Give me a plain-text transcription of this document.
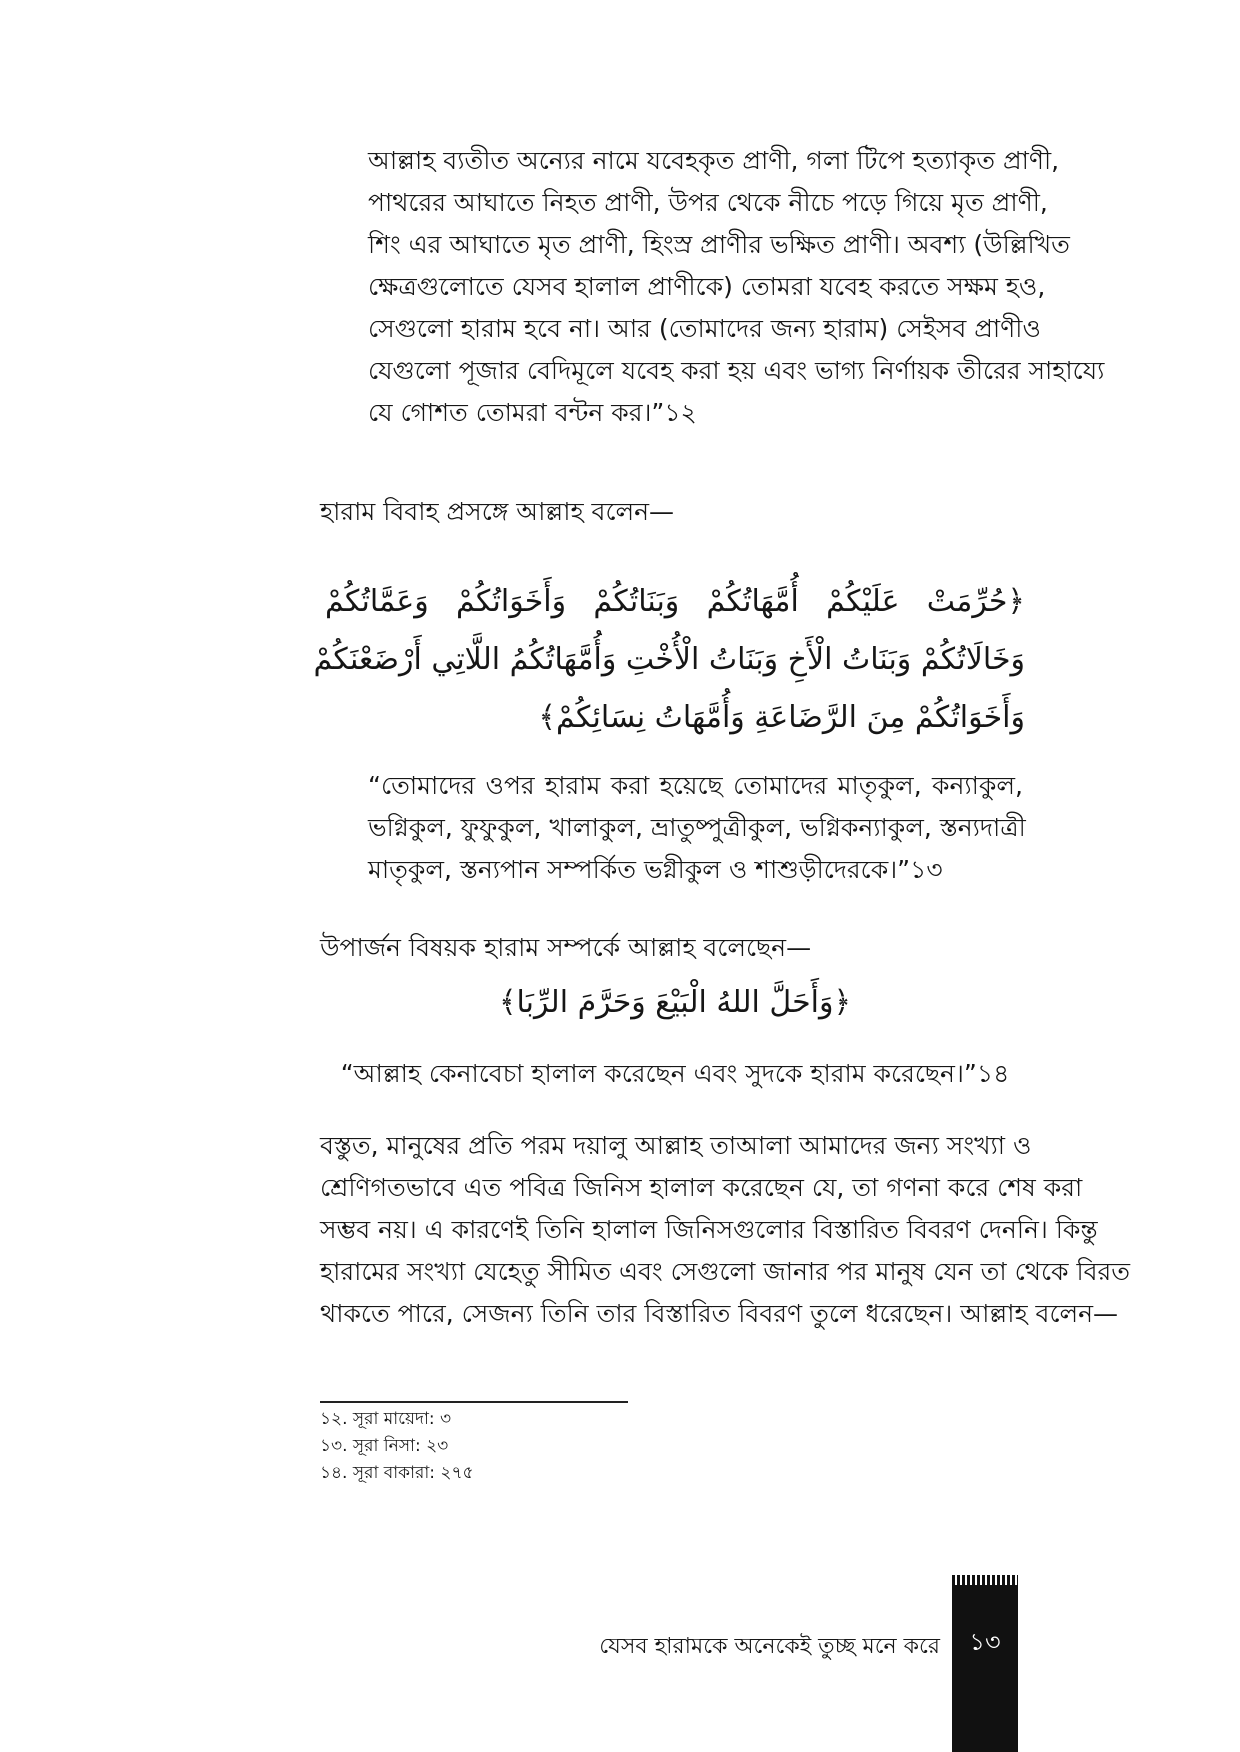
আল্লাহ ব্যতীত অন্যের নামে যবেহকৃত প্রাণী, গলা টিপে হত্যাকৃত প্রাণী,
পাথরের আঘাতে নিহত প্রাণী, উপর থেকে নীচে পড়ে গিয়ে মৃত প্রাণী,
শিং এর আঘাতে মৃত প্রাণী, হিংস্র প্রাণীর ভক্ষিত প্রাণী। অবশ্য (উল্লিখিত
ক্ষেত্রগুলোতে যেসব হালাল প্রাণীকে) তোমরা যবেহ করতে সক্ষম হও,
সেগুলো হারাম হবে না। আর (তোমাদের জন্য হারাম) সেইসব প্রাণীও
যেগুলো পূজার বেদিমূলে যবেহ করা হয় এবং ভাগ্য নির্ণায়ক তীরের সাহায্যে
যে গোশত তোমরা বন্টন কর।”১২

হারাম বিবাহ প্রসঙ্গে আল্লাহ বলেন—

﴿حُرِّمَتْ عَلَيْكُمْ أُمَّهَاتُكُمْ وَبَنَاتُكُمْ وَأَخَوَاتُكُمْ وَعَمَّاتُكُمْ
وَخَالَاتُكُمْ وَبَنَاتُ الْأَخِ وَبَنَاتُ الْأُخْتِ وَأُمَّهَاتُكُمُ اللَّاتِي أَرْضَعْنَكُمْ
وَأَخَوَاتُكُمْ مِنَ الرَّضَاعَةِ وَأُمَّهَاتُ نِسَائِكُمْ﴾
“তোমাদের ওপর হারাম করা হয়েছে তোমাদের মাতৃকুল, কন্যাকুল,
ভগ্নিকুল, ফুফুকুল, খালাকুল, ভ্রাতুষ্পুত্রীকুল, ভগ্নিকন্যাকুল, স্তন্যদাত্রী
মাতৃকুল, স্তন্যপান সম্পর্কিত ভগ্নীকুল ও শাশুড়ীদেরকে।”১৩

উপার্জন বিষয়ক হারাম সম্পর্কে আল্লাহ বলেছেন—

﴿وَأَحَلَّ اللهُ الْبَيْعَ وَحَرَّمَ الرِّبَا﴾

“আল্লাহ কেনাবেচা হালাল করেছেন এবং সুদকে হারাম করেছেন।”১৪

বস্তুত, মানুষের প্রতি পরম দয়ালু আল্লাহ তাআলা আমাদের জন্য সংখ্যা ও
শ্রেণিগতভাবে এত পবিত্র জিনিস হালাল করেছেন যে, তা গণনা করে শেষ করা
সম্ভব নয়। এ কারণেই তিনি হালাল জিনিসগুলোর বিস্তারিত বিবরণ দেননি। কিন্তু
হারামের সংখ্যা যেহেতু সীমিত এবং সেগুলো জানার পর মানুষ যেন তা থেকে বিরত
থাকতে পারে, সেজন্য তিনি তার বিস্তারিত বিবরণ তুলে ধরেছেন। আল্লাহ বলেন—
১২. সূরা মায়েদা: ৩
১৩. সূরা নিসা: ২৩
১৪. সূরা বাকারা: ২৭৫
যেসব হারামকে অনেকেই তুচ্ছ মনে করে	১৩
